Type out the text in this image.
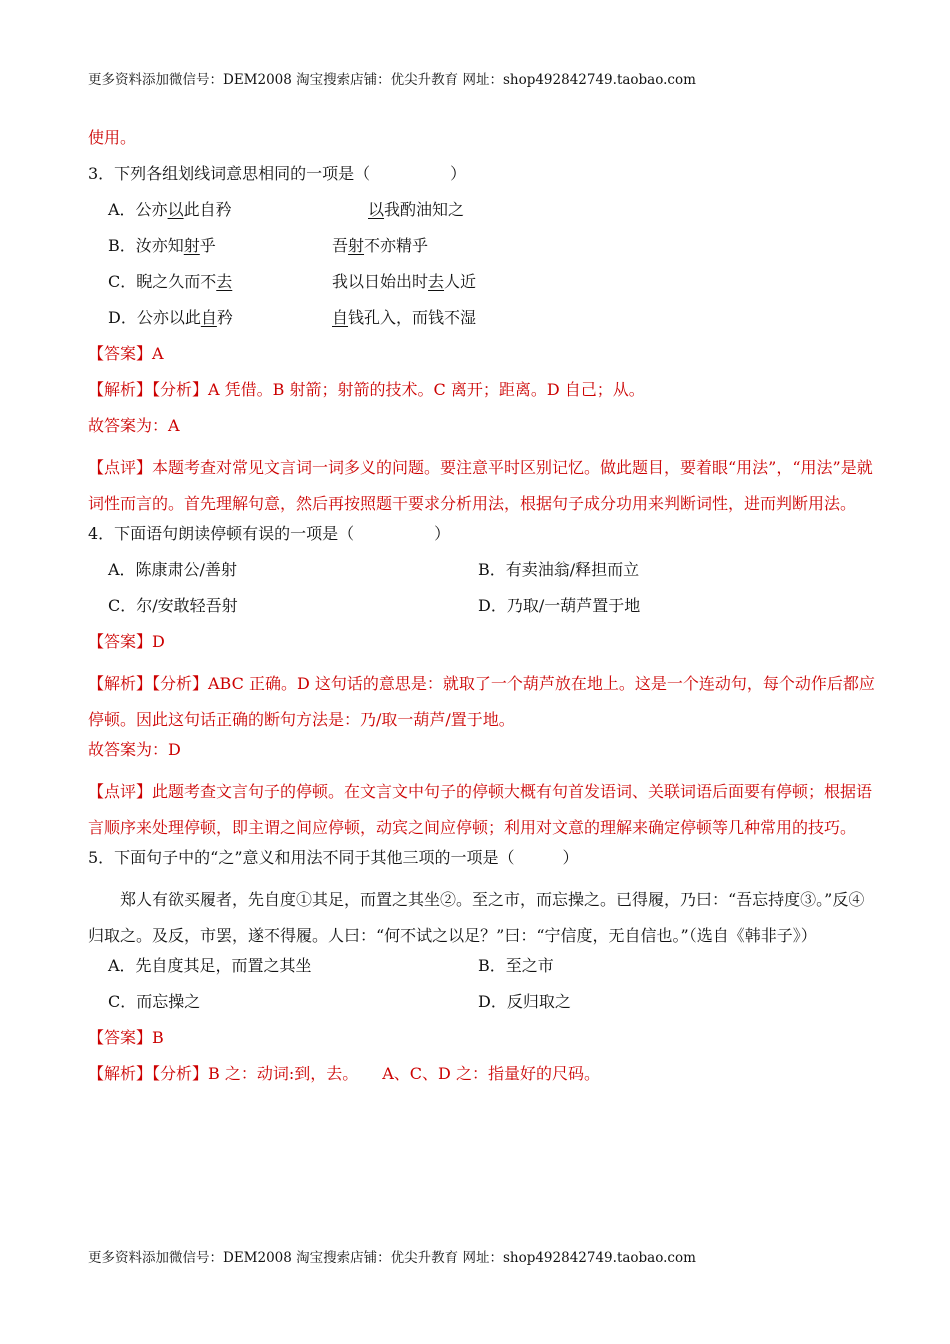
更多资料添加微信号：DEM2008 淘宝搜索店铺：优尖升教育 网址：shop492842749.taobao.com
使用。
3．下列各组划线词意思相同的一项是（　　　　　）
A．公亦以此自矜	以我酌油知之
B．汝亦知射乎	吾射不亦精乎
C．睨之久而不去	我以日始出时去人近
D．公亦以此自矜	自钱孔入，而钱不湿
【答案】A
【解析】【分析】A 凭借。B 射箭；射箭的技术。C 离开；距离。D 自己；从。
故答案为：A
【点评】本题考查对常见文言词一词多义的问题。要注意平时区别记忆。做此题目，要着眼“用法”，“用法”是就词性而言的。首先理解句意，然后再按照题干要求分析用法，根据句子成分功用来判断词性，进而判断用法。
4．下面语句朗读停顿有误的一项是（　　　　　）
A．陈康肃公/善射	B．有卖油翁/释担而立
C．尔/安敢轻吾射	D．乃取/一葫芦置于地
【答案】D
【解析】【分析】ABC 正确。D 这句话的意思是：就取了一个葫芦放在地上。这是一个连动句，每个动作后都应停顿。因此这句话正确的断句方法是：乃/取一葫芦/置于地。
故答案为：D
【点评】此题考查文言句子的停顿。在文言文中句子的停顿大概有句首发语词、关联词语后面要有停顿；根据语言顺序来处理停顿，即主谓之间应停顿，动宾之间应停顿；利用对文意的理解来确定停顿等几种常用的技巧。
5．下面句子中的“之”意义和用法不同于其他三项的一项是（　　　）
郑人有欲买履者，先自度①其足，而置之其坐②。至之市，而忘操之。已得履，乃曰：“吾忘持度③。”反④归取之。及反，市罢，遂不得履。人曰：“何不试之以足？”曰：“宁信度，无自信也。”（选自《韩非子》）
A．先自度其足，而置之其坐	B．至之市
C．而忘操之	D．反归取之
【答案】B
【解析】【分析】B 之：动词:到，去。　　A、C、D 之：指量好的尺码。
更多资料添加微信号：DEM2008 淘宝搜索店铺：优尖升教育 网址：shop492842749.taobao.com
